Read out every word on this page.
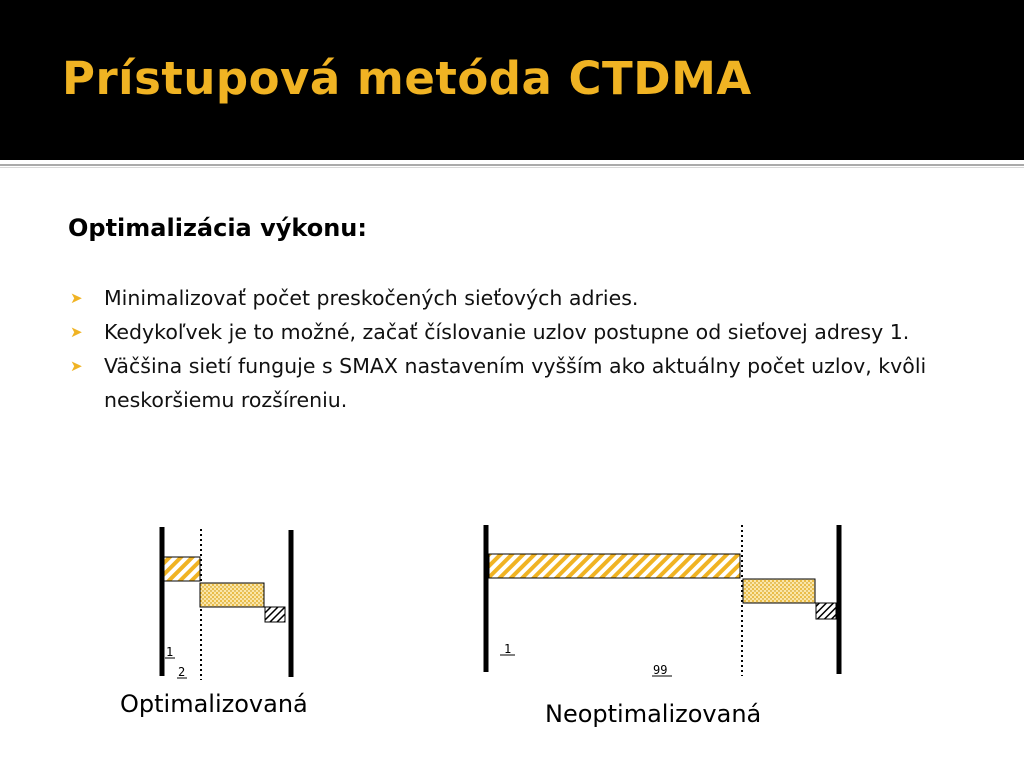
Prístupová metóda CTDMA
Optimalizácia výkonu:
➤ Minimalizovať počet preskočených sieťových adries.
➤ Kedykoľvek je to možné, začať číslovanie uzlov postupne od sieťovej adresy 1.
➤ Väčšina sietí funguje s SMAX nastavením vyšším ako aktuálny počet uzlov, kvôli neskoršiemu rozšíreniu.
1
2
1
99

Optimalizovaná	Neoptimalizovaná
